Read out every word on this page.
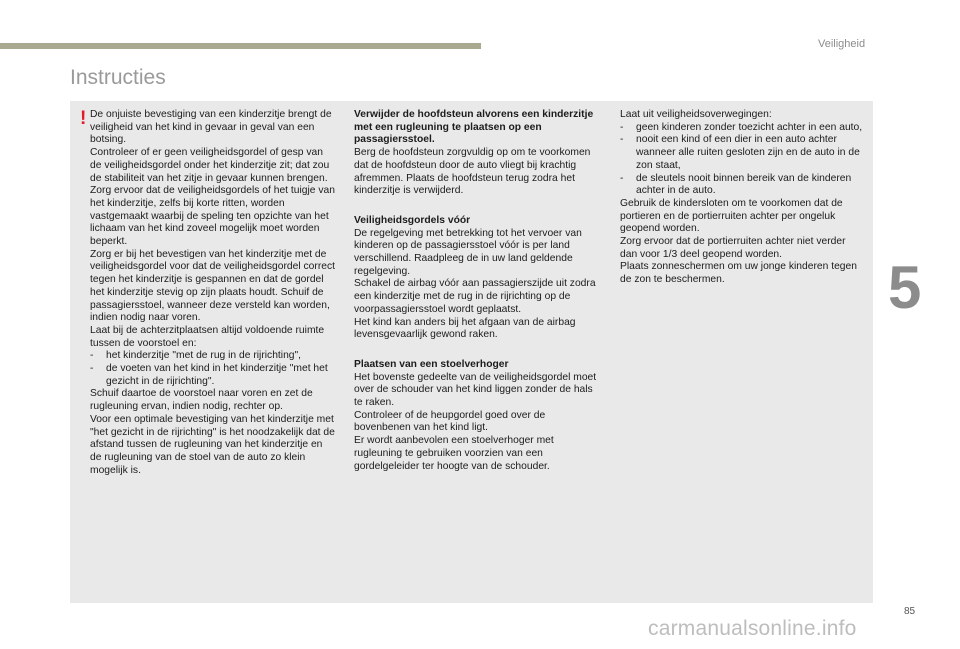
Veiligheid
Instructies
5
! De onjuiste bevestiging van een kinderzitje brengt de veiligheid van het kind in gevaar in geval van een botsing.

Controleer of er geen veiligheidsgordel of gesp van de veiligheidsgordel onder het kinderzitje zit; dat zou de stabiliteit van het zitje in gevaar kunnen brengen.

Zorg ervoor dat de veiligheidsgordels of het tuigje van het kinderzitje, zelfs bij korte ritten, worden vastgemaakt waarbij de speling ten opzichte van het lichaam van het kind zoveel mogelijk moet worden beperkt.

Zorg er bij het bevestigen van het kinderzitje met de veiligheidsgordel voor dat de veiligheidsgordel correct tegen het kinderzitje is gespannen en dat de gordel het kinderzitje stevig op zijn plaats houdt. Schuif de passagiersstoel, wanneer deze versteld kan worden, indien nodig naar voren.

Laat bij de achterzitplaatsen altijd voldoende ruimte tussen de voorstoel en:

-	het kinderzitje "met de rug in de rijrichting",
-	de voeten van het kind in het kinderzitje "met het gezicht in de rijrichting".

Schuif daartoe de voorstoel naar voren en zet de rugleuning ervan, indien nodig, rechter op.

Voor een optimale bevestiging van het kinderzitje met "het gezicht in de rijrichting" is het noodzakelijk dat de afstand tussen de rugleuning van het kinderzitje en de rugleuning van de stoel van de auto zo klein mogelijk is.

Verwijder de hoofdsteun alvorens een kinderzitje met een rugleuning te plaatsen op een passagiersstoel.

Berg de hoofdsteun zorgvuldig op om te voorkomen dat de hoofdsteun door de auto vliegt bij krachtig afremmen. Plaats de hoofdsteun terug zodra het kinderzitje is verwijderd.

Veiligheidsgordels vóór

De regelgeving met betrekking tot het vervoer van kinderen op de passagiersstoel vóór is per land verschillend. Raadpleeg de in uw land geldende regelgeving.

Schakel de airbag vóór aan passagierszijde uit zodra een kinderzitje met de rug in de rijrichting op de voorpassagiersstoel wordt geplaatst.

Het kind kan anders bij het afgaan van de airbag levensgevaarlijk gewond raken.

Plaatsen van een stoelverhoger

Het bovenste gedeelte van de veiligheidsgordel moet over de schouder van het kind liggen zonder de hals te raken.

Controleer of de heupgordel goed over de bovenbenen van het kind ligt.

Er wordt aanbevolen een stoelverhoger met rugleuning te gebruiken voorzien van een gordelgeleider ter hoogte van de schouder.

Laat uit veiligheidsoverwegingen:

-	geen kinderen zonder toezicht achter in een auto,
-	nooit een kind of een dier in een auto achter wanneer alle ruiten gesloten zijn en de auto in de zon staat,
-	de sleutels nooit binnen bereik van de kinderen achter in de auto.

Gebruik de kindersloten om te voorkomen dat de portieren en de portierruiten achter per ongeluk geopend worden.

Zorg ervoor dat de portierruiten achter niet verder dan voor 1/3 deel geopend worden.

Plaats zonneschermen om uw jonge kinderen tegen de zon te beschermen.

85
carmanualsonline.info
